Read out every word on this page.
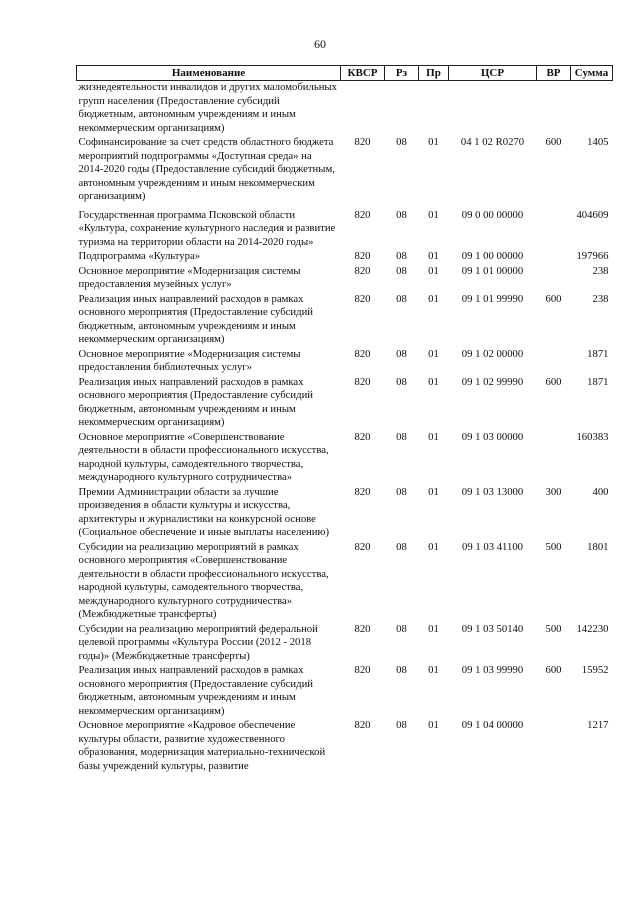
60
Наименование	КВСР	Рз	Пр	ЦСР	ВР	Сумма
жизнедеятельности инвалидов и других маломобильных групп населения (Предоставление субсидий бюджетным, автономным учреждениям и иным некоммерческим организациям)						
Софинансирование за счет средств областного бюджета мероприятий подпрограммы «Доступная среда» на 2014-2020 годы (Предоставление субсидий бюджетным, автономным учреждениям и иным некоммерческим организациям)	820	08	01	04 1 02 R0270	600	1405
Государственная программа Псковской области «Культура, сохранение культурного наследия и развитие туризма на территории области на 2014-2020 годы»	820	08	01	09 0 00 00000		404609
Подпрограмма «Культура»	820	08	01	09 1 00 00000		197966
Основное мероприятие «Модернизация системы предоставления музейных услуг»	820	08	01	09 1 01 00000		238
Реализация иных направлений расходов в рамках основного мероприятия (Предоставление субсидий бюджетным, автономным учреждениям и иным некоммерческим организациям)	820	08	01	09 1 01 99990	600	238
Основное мероприятие «Модернизация системы предоставления библиотечных услуг»	820	08	01	09 1 02 00000		1871
Реализация иных направлений расходов в рамках основного мероприятия (Предоставление субсидий бюджетным, автономным учреждениям и иным некоммерческим организациям)	820	08	01	09 1 02 99990	600	1871
Основное мероприятие «Совершенствование деятельности в области профессионального искусства, народной культуры, самодеятельного творчества, международного культурного сотрудничества»	820	08	01	09 1 03 00000		160383
Премии Администрации области за лучшие произведения в области культуры и искусства, архитектуры и журналистики на конкурсной основе (Социальное обеспечение и иные выплаты населению)	820	08	01	09 1 03 13000	300	400
Субсидии на реализацию мероприятий в рамках основного мероприятия «Совершенствование деятельности в области профессионального искусства, народной культуры, самодеятельного творчества, международного культурного сотрудничества» (Межбюджетные трансферты)	820	08	01	09 1 03 41100	500	1801
Субсидии на реализацию мероприятий федеральной целевой программы «Культура России (2012 - 2018 годы)» (Межбюджетные трансферты)	820	08	01	09 1 03 50140	500	142230
Реализация иных направлений расходов в рамках основного мероприятия (Предоставление субсидий бюджетным, автономным учреждениям и иным некоммерческим организациям)	820	08	01	09 1 03 99990	600	15952
Основное мероприятие «Кадровое обеспечение культуры области, развитие художественного образования, модернизация материально-технической базы учреждений культуры, развитие	820	08	01	09 1 04 00000		1217
